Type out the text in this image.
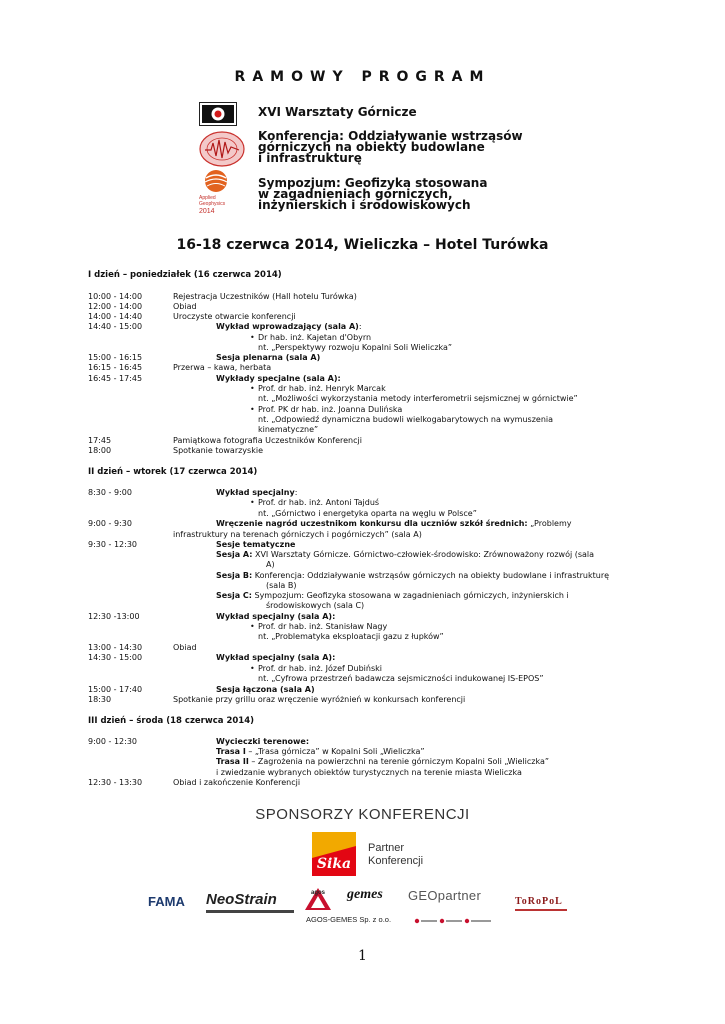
RAMOWY PROGRAM
Applied
Geophysics
2014
XVI Warsztaty Górnicze
Konferencja: Oddziaływanie wstrząsów
górniczych na obiekty budowlane
i infrastrukturę
Sympozjum: Geofizyka stosowana
w zagadnieniach górniczych,
inżynierskich i środowiskowych
16-18 czerwca 2014, Wieliczka – Hotel Turówka
I dzień – poniedziałek (16 czerwca 2014)
10:00 - 14:00	Rejestracja Uczestników (Hall hotelu Turówka)
12:00 - 14:00	Obiad
14:00 - 14:40	Uroczyste otwarcie konferencji
14:40 - 15:00	Wykład wprowadzający (sala A):
• Dr hab. inż. Kajetan d'Obyrn
nt. „Perspektywy rozwoju Kopalni Soli Wieliczka”
15:00 - 16:15	Sesja plenarna (sala A)
16:15 - 16:45	Przerwa – kawa, herbata
16:45 - 17:45	Wykłady specjalne (sala A):
• Prof. dr hab. inż. Henryk Marcak
nt. „Możliwości wykorzystania metody interferometrii sejsmicznej w górnictwie”
• Prof. PK dr hab. inż. Joanna Dulińska
nt. „Odpowiedź dynamiczna budowli wielkogabarytowych na wymuszenia
kinematyczne”
17:45	Pamiątkowa fotografia Uczestników Konferencji
18:00	Spotkanie towarzyskie
II dzień – wtorek (17 czerwca 2014)
8:30 - 9:00	Wykład specjalny:
• Prof. dr hab. inż. Antoni Tajduś
nt. „Górnictwo i energetyka oparta na węglu w Polsce”
9:00 - 9:30	Wręczenie nagród uczestnikom konkursu dla uczniów szkół średnich: „Problemy
infrastruktury na terenach górniczych i pogórniczych” (sala A)
9:30 - 12:30	Sesje tematyczne
Sesja A: XVI Warsztaty Górnicze. Górnictwo-człowiek-środowisko: Zrównoważony rozwój (sala
A)
Sesja B: Konferencja: Oddziaływanie wstrząsów górniczych na obiekty budowlane i infrastrukturę
(sala B)
Sesja C: Sympozjum: Geofizyka stosowana w zagadnieniach górniczych, inżynierskich i
środowiskowych (sala C)
12:30 -13:00	Wykład specjalny (sala A):
• Prof. dr hab. inż. Stanisław Nagy
nt. „Problematyka eksploatacji gazu z łupków”
13:00 - 14:30	Obiad
14:30 - 15:00	Wykład specjalny (sala A):
• Prof. dr hab. inż. Józef Dubiński
nt. „Cyfrowa przestrzeń badawcza sejsmiczności indukowanej IS-EPOS”
15:00 - 17:40	Sesja łączona (sala A)
18:30	Spotkanie przy grillu oraz wręczenie wyróżnień w konkursach konferencji
III dzień – środa (18 czerwca 2014)
9:00 - 12:30	Wycieczki terenowe:
Trasa I – „Trasa górnicza” w Kopalni Soli „Wieliczka”
Trasa II – Zagrożenia na powierzchni na terenie górniczym Kopalni Soli „Wieliczka”
i zwiedzanie wybranych obiektów turystycznych na terenie miasta Wieliczka
12:30 - 13:30	Obiad i zakończenie Konferencji
SPONSORZY KONFERENCJI
Sika
Partner
Konferencji
FAMA NeoStrain	agos gemes
AGOS-GEMES Sp. z o.o.
GEOpartner	ToRoPoL
1
